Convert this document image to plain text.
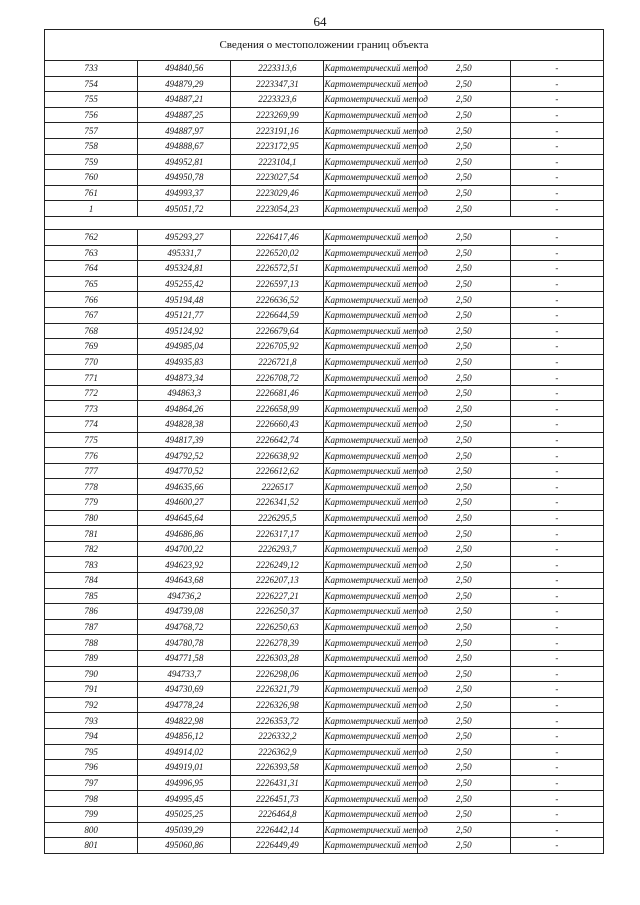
64
Сведения о местоположении границ объекта					
733	494840,56	2223313,6	Картометрический метод	2,50	-
754	494879,29	2223347,31	Картометрический метод	2,50	-
755	494887,21	2223323,6	Картометрический метод	2,50	-
756	494887,25	2223269,99	Картометрический метод	2,50	-
757	494887,97	2223191,16	Картометрический метод	2,50	-
758	494888,67	2223172,95	Картометрический метод	2,50	-
759	494952,81	2223104,1	Картометрический метод	2,50	-
760	494950,78	2223027,54	Картометрический метод	2,50	-
761	494993,37	2223029,46	Картометрический метод	2,50	-
1	495051,72	2223054,23	Картометрический метод	2,50	-

762	495293,27	2226417,46	Картометрический метод	2,50	-
763	495331,7	2226520,02	Картометрический метод	2,50	-
764	495324,81	2226572,51	Картометрический метод	2,50	-
765	495255,42	2226597,13	Картометрический метод	2,50	-
766	495194,48	2226636,52	Картометрический метод	2,50	-
767	495121,77	2226644,59	Картометрический метод	2,50	-
768	495124,92	2226679,64	Картометрический метод	2,50	-
769	494985,04	2226705,92	Картометрический метод	2,50	-
770	494935,83	2226721,8	Картометрический метод	2,50	-
771	494873,34	2226708,72	Картометрический метод	2,50	-
772	494863,3	2226681,46	Картометрический метод	2,50	-
773	494864,26	2226658,99	Картометрический метод	2,50	-
774	494828,38	2226660,43	Картометрический метод	2,50	-
775	494817,39	2226642,74	Картометрический метод	2,50	-
776	494792,52	2226638,92	Картометрический метод	2,50	-
777	494770,52	2226612,62	Картометрический метод	2,50	-
778	494635,66	2226517	Картометрический метод	2,50	-
779	494600,27	2226341,52	Картометрический метод	2,50	-
780	494645,64	2226295,5	Картометрический метод	2,50	-
781	494686,86	2226317,17	Картометрический метод	2,50	-
782	494700,22	2226293,7	Картометрический метод	2,50	-
783	494623,92	2226249,12	Картометрический метод	2,50	-
784	494643,68	2226207,13	Картометрический метод	2,50	-
785	494736,2	2226227,21	Картометрический метод	2,50	-
786	494739,08	2226250,37	Картометрический метод	2,50	-
787	494768,72	2226250,63	Картометрический метод	2,50	-
788	494780,78	2226278,39	Картометрический метод	2,50	-
789	494771,58	2226303,28	Картометрический метод	2,50	-
790	494733,7	2226298,06	Картометрический метод	2,50	-
791	494730,69	2226321,79	Картометрический метод	2,50	-
792	494778,24	2226326,98	Картометрический метод	2,50	-
793	494822,98	2226353,72	Картометрический метод	2,50	-
794	494856,12	2226332,2	Картометрический метод	2,50	-
795	494914,02	2226362,9	Картометрический метод	2,50	-
796	494919,01	2226393,58	Картометрический метод	2,50	-
797	494996,95	2226431,31	Картометрический метод	2,50	-
798	494995,45	2226451,73	Картометрический метод	2,50	-
799	495025,25	2226464,8	Картометрический метод	2,50	-
800	495039,29	2226442,14	Картометрический метод	2,50	-
801	495060,86	2226449,49	Картометрический метод	2,50	-
